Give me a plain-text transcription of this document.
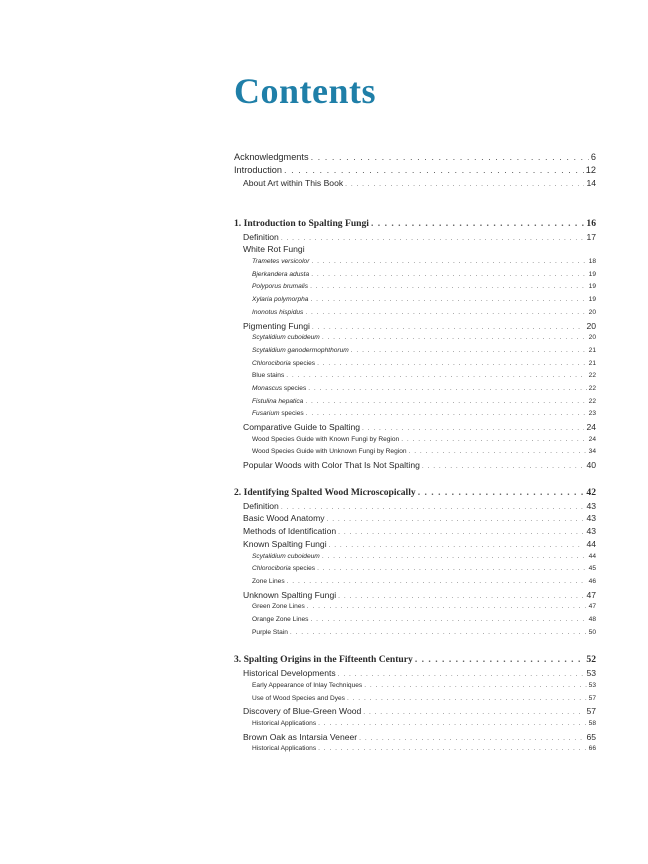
Contents
Acknowledgments . . .	6
Introduction . . .	12
About Art within This Book . . .	14
1. Introduction to Spalting Fungi . . .	16
Definition . . .	17
White Rot Fungi
Trametes versicolor . . .	18
Bjerkandera adusta . . .	19
Polyporus brumalis . . .	19
Xylaria polymorpha . . .	19
Inonotus hispidus . . .	20
Pigmenting Fungi . . .	20
Scytalidium cuboideum . . .	20
Scytalidium ganodermophthorum . . .	21
Chlorociboria species . . .	21
Blue stains . . .	22
Monascus species . . .	22
Fistulina hepatica . . .	22
Fusarium species . . .	23
Comparative Guide to Spalting . . .	24
Wood Species Guide with Known Fungi by Region . . .	24
Wood Species Guide with Unknown Fungi by Region . . .	34
Popular Woods with Color That Is Not Spalting . . .	40
2. Identifying Spalted Wood Microscopically . . .	42
Definition . . .	43
Basic Wood Anatomy . . .	43
Methods of Identification . . .	43
Known Spalting Fungi . . .	44
Scytalidium cuboideum . . .	44
Chlorociboria species . . .	45
Zone Lines . . .	46
Unknown Spalting Fungi . . .	47
Green Zone Lines . . .	47
Orange Zone Lines . . .	48
Purple Stain . . .	50
3. Spalting Origins in the Fifteenth Century . . .	52
Historical Developments . . .	53
Early Appearance of Inlay Techniques . . .	53
Use of Wood Species and Dyes . . .	57
Discovery of Blue-Green Wood . . .	57
Historical Applications . . .	58
Brown Oak as Intarsia Veneer . . .	65
Historical Applications . . .	66
